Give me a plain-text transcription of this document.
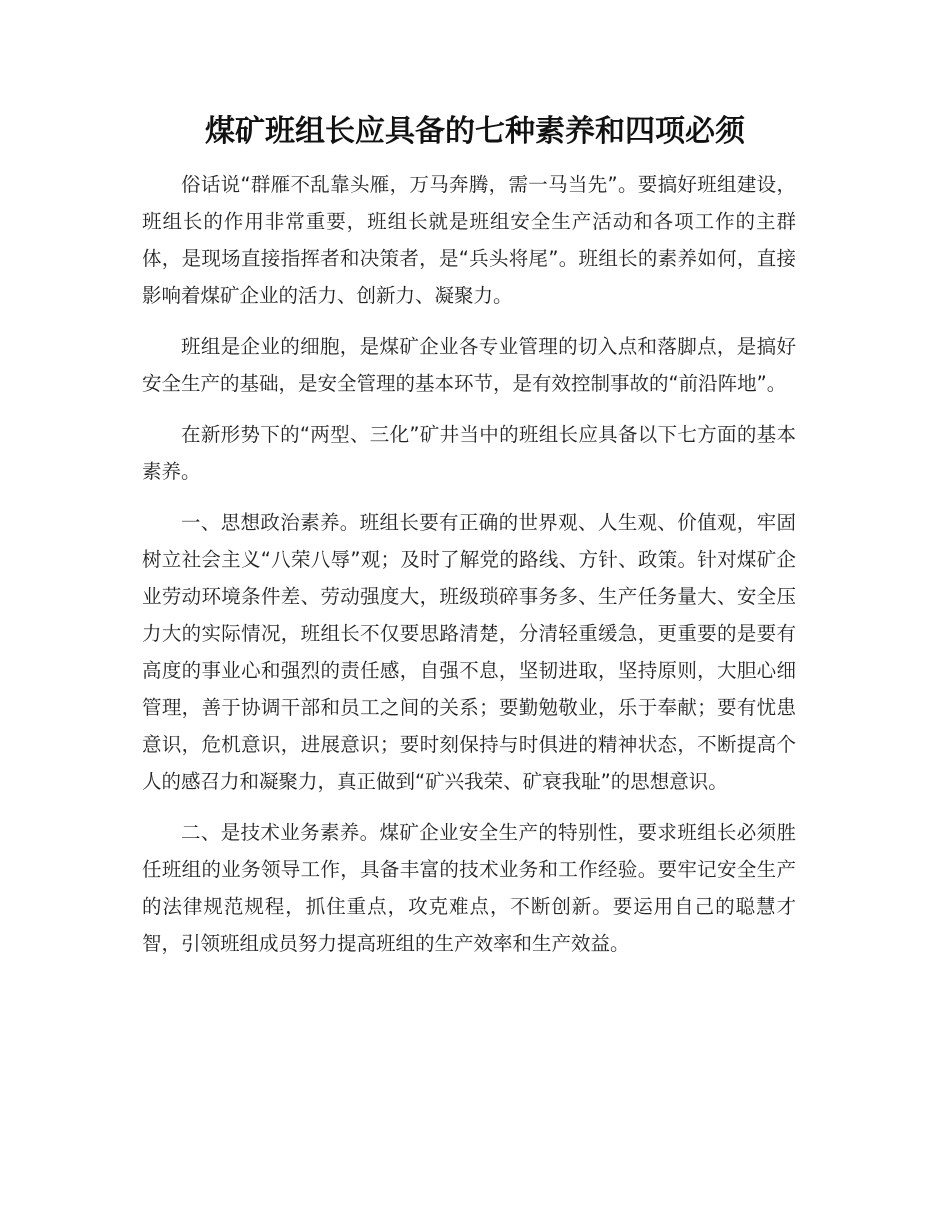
煤矿班组长应具备的七种素养和四项必须

俗话说“群雁不乱靠头雁，万马奔腾，需一马当先”。要搞好班组建设，班组长的作用非常重要，班组长就是班组安全生产活动和各项工作的主群体，是现场直接指挥者和决策者，是“兵头将尾”。班组长的素养如何，直接影响着煤矿企业的活力、创新力、凝聚力。

班组是企业的细胞，是煤矿企业各专业管理的切入点和落脚点，是搞好安全生产的基础，是安全管理的基本环节，是有效控制事故的“前沿阵地”。

在新形势下的“两型、三化”矿井当中的班组长应具备以下七方面的基本素养。

一、思想政治素养。班组长要有正确的世界观、人生观、价值观，牢固树立社会主义“八荣八辱”观；及时了解党的路线、方针、政策。针对煤矿企业劳动环境条件差、劳动强度大，班级琐碎事务多、生产任务量大、安全压力大的实际情况，班组长不仅要思路清楚，分清轻重缓急，更重要的是要有高度的事业心和强烈的责任感，自强不息，坚韧进取，坚持原则，大胆心细管理，善于协调干部和员工之间的关系；要勤勉敬业，乐于奉献；要有忧患意识，危机意识，进展意识；要时刻保持与时俱进的精神状态，不断提高个人的感召力和凝聚力，真正做到“矿兴我荣、矿衰我耻”的思想意识。

二、是技术业务素养。煤矿企业安全生产的特别性，要求班组长必须胜任班组的业务领导工作，具备丰富的技术业务和工作经验。要牢记安全生产的法律规范规程，抓住重点，攻克难点，不断创新。要运用自己的聪慧才智，引领班组成员努力提高班组的生产效率和生产效益。
